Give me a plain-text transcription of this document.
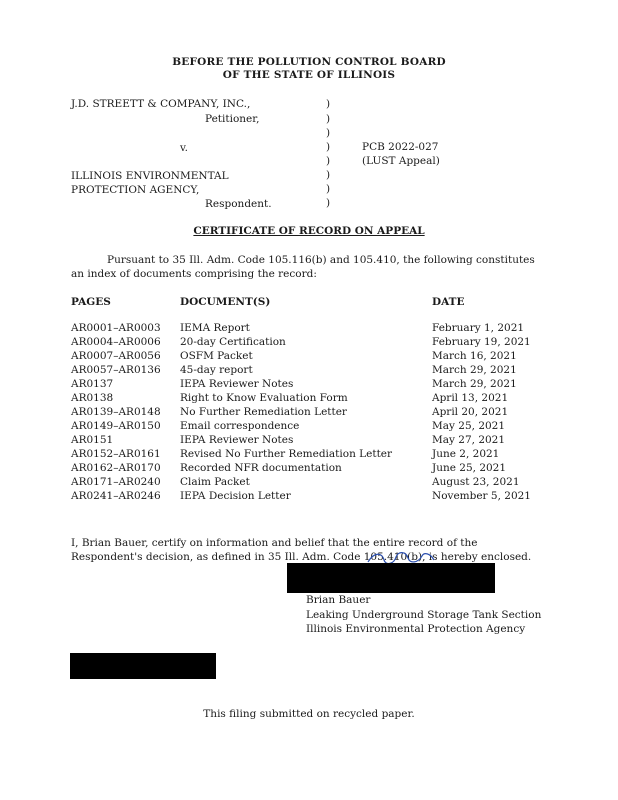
BEFORE THE POLLUTION CONTROL BOARD
OF THE STATE OF ILLINOIS
J.D. STREETT & COMPANY, INC.,
Petitioner,
v.
ILLINOIS ENVIRONMENTAL
PROTECTION AGENCY,
Respondent.
)
)
)
)
)
)
)
)
PCB 2022-027
(LUST Appeal)
CERTIFICATE OF RECORD ON APPEAL
Pursuant to 35 Ill. Adm. Code 105.116(b) and 105.410, the following constitutes an index of documents comprising the record:
PAGES	DOCUMENT(S)	DATE
AR0001–AR0003 IEMA Report	February 1, 2021
AR0004–AR0006 20-day Certification	February 19, 2021
AR0007–AR0056 OSFM Packet	March 16, 2021
AR0057–AR0136 45-day report	March 29, 2021
AR0137	IEPA Reviewer Notes	March 29, 2021
AR0138	Right to Know Evaluation Form	April 13, 2021
AR0139–AR0148 No Further Remediation Letter	April 20, 2021
AR0149–AR0150 Email correspondence	May 25, 2021
AR0151	IEPA Reviewer Notes	May 27, 2021
AR0152–AR0161 Revised No Further Remediation Letter	June 2, 2021
AR0162–AR0170 Recorded NFR documentation	June 25, 2021
AR0171–AR0240 Claim Packet	August 23, 2021
AR0241–AR0246 IEPA Decision Letter	November 5, 2021
I, Brian Bauer, certify on information and belief that the entire record of the Respondent's decision, as defined in 35 Ill. Adm. Code 105.410(b), is hereby enclosed.
Brian Bauer
Leaking Underground Storage Tank Section
Illinois Environmental Protection Agency
This filing submitted on recycled paper.
